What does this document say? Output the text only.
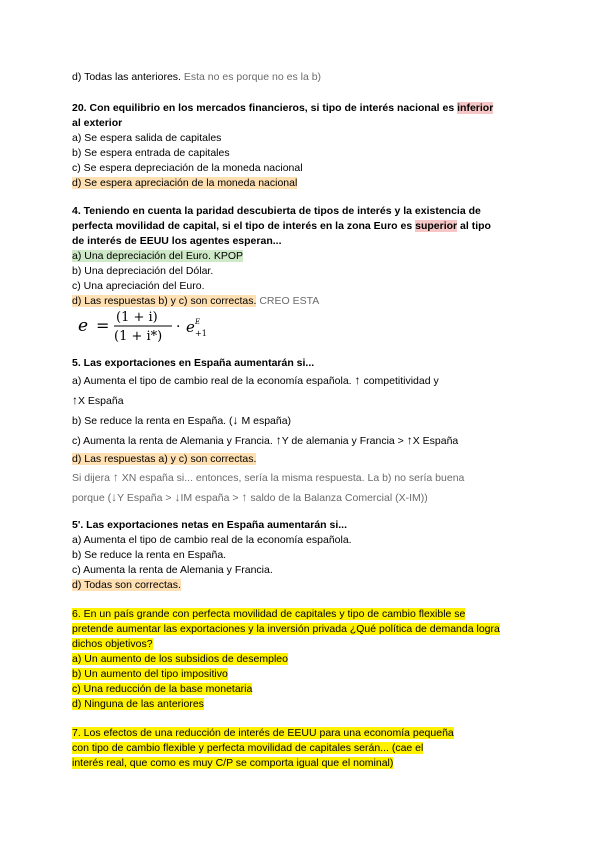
d) Todas las anteriores. Esta no es porque no es la b)
20. Con equilibrio en los mercados financieros, si tipo de interés nacional es inferior
al exterior
a) Se espera salida de capitales
b) Se espera entrada de capitales
c) Se espera depreciación de la moneda nacional
d) Se espera apreciación de la moneda nacional
4. Teniendo en cuenta la paridad descubierta de tipos de interés y la existencia de
perfecta movilidad de capital, si el tipo de interés en la zona Euro es superior al tipo
de interés de EEUU los agentes esperan...
a) Una depreciación del Euro. KPOP
b) Una depreciación del Dólar.
c) Una apreciación del Euro.
d) Las respuestas b) y c) son correctas. CREO ESTA
e = (1 + i)
(1 + i*)
· e E
+1
5. Las exportaciones en España aumentarán si...
a) Aumenta el tipo de cambio real de la economía española. ↑ competitividad y
↑X España
b) Se reduce la renta en España. (↓ M españa)
c) Aumenta la renta de Alemania y Francia. ↑Y de alemania y Francia > ↑X España
d) Las respuestas a) y c) son correctas.
Si dijera ↑ XN españa si... entonces, sería la misma respuesta. La b) no sería buena
porque (↓Y España > ↓IM españa > ↑ saldo de la Balanza Comercial (X-IM))
5'. Las exportaciones netas en España aumentarán si...
a) Aumenta el tipo de cambio real de la economía española.
b) Se reduce la renta en España.
c) Aumenta la renta de Alemania y Francia.
d) Todas son correctas.
6. En un país grande con perfecta movilidad de capitales y tipo de cambio flexible se
pretende aumentar las exportaciones y la inversión privada ¿Qué política de demanda logra
dichos objetivos?
a) Un aumento de los subsidios de desempleo
b) Un aumento del tipo impositivo
c) Una reducción de la base monetaria
d) Ninguna de las anteriores
7. Los efectos de una reducción de interés de EEUU para una economía pequeña
con tipo de cambio flexible y perfecta movilidad de capitales serán... (cae el
interés real, que como es muy C/P se comporta igual que el nominal)
